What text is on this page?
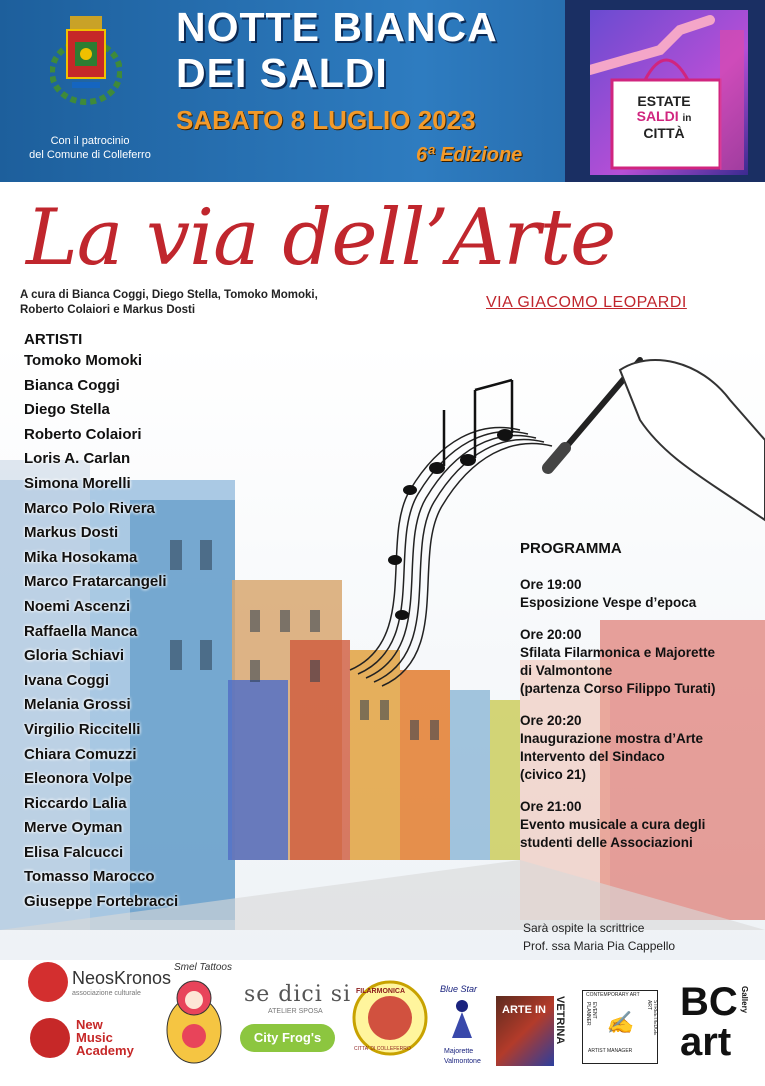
Con il patrocinio
del Comune di Colleferro
NOTTE BIANCA
DEI SALDI
SABATO 8 LUGLIO 2023
6ª Edizione
ESTATE
SALDI in
CITTÀ
La via dell’Arte
A cura di Bianca Coggi, Diego Stella, Tomoko Momoki,
Roberto Colaiori e Markus Dosti	VIA GIACOMO LEOPARDI
ARTISTI
Tomoko Momoki
Bianca Coggi
Diego Stella
Roberto Colaiori
Loris A. Carlan
Simona Morelli
Marco Polo Rivera
Markus Dosti
Mika Hosokama
Marco Fratarcangeli
Noemi Ascenzi
Raffaella Manca
Gloria Schiavi
Ivana Coggi
Melania Grossi
Virgilio Riccitelli
Chiara Comuzzi
Eleonora Volpe
Riccardo Lalia
Merve Oyman
Elisa Falcucci
Tomasso Marocco
Giuseppe Fortebracci
PROGRAMMA
Ore 19:00
Esposizione Vespe d’epoca
Ore 20:00
Sfilata Filarmonica e Majorette
di Valmontone
(partenza Corso Filippo Turati)
Ore 20:20
Inaugurazione mostra d’Arte
Intervento del Sindaco
(civico 21)
Ore 21:00
Evento musicale a cura degli
studenti delle Associazioni
Sarà ospite la scrittrice
Prof. ssa Maria Pia Cappello
NeosKronos
associazione culturale
New
Music
Academy
Smel Tattoos
se dici si
ATELIER SPOSA
City Frog's
FILARMONICA
CITTA' DI COLLEFERRO
Blue Star
Majorette
Valmontone
ARTE IN VETRINA
CONTEMPORARY ART
ARTIST MANAGER
EVENT PLANNER	STREET/EDGE ART
✍ BC Gallery
art
